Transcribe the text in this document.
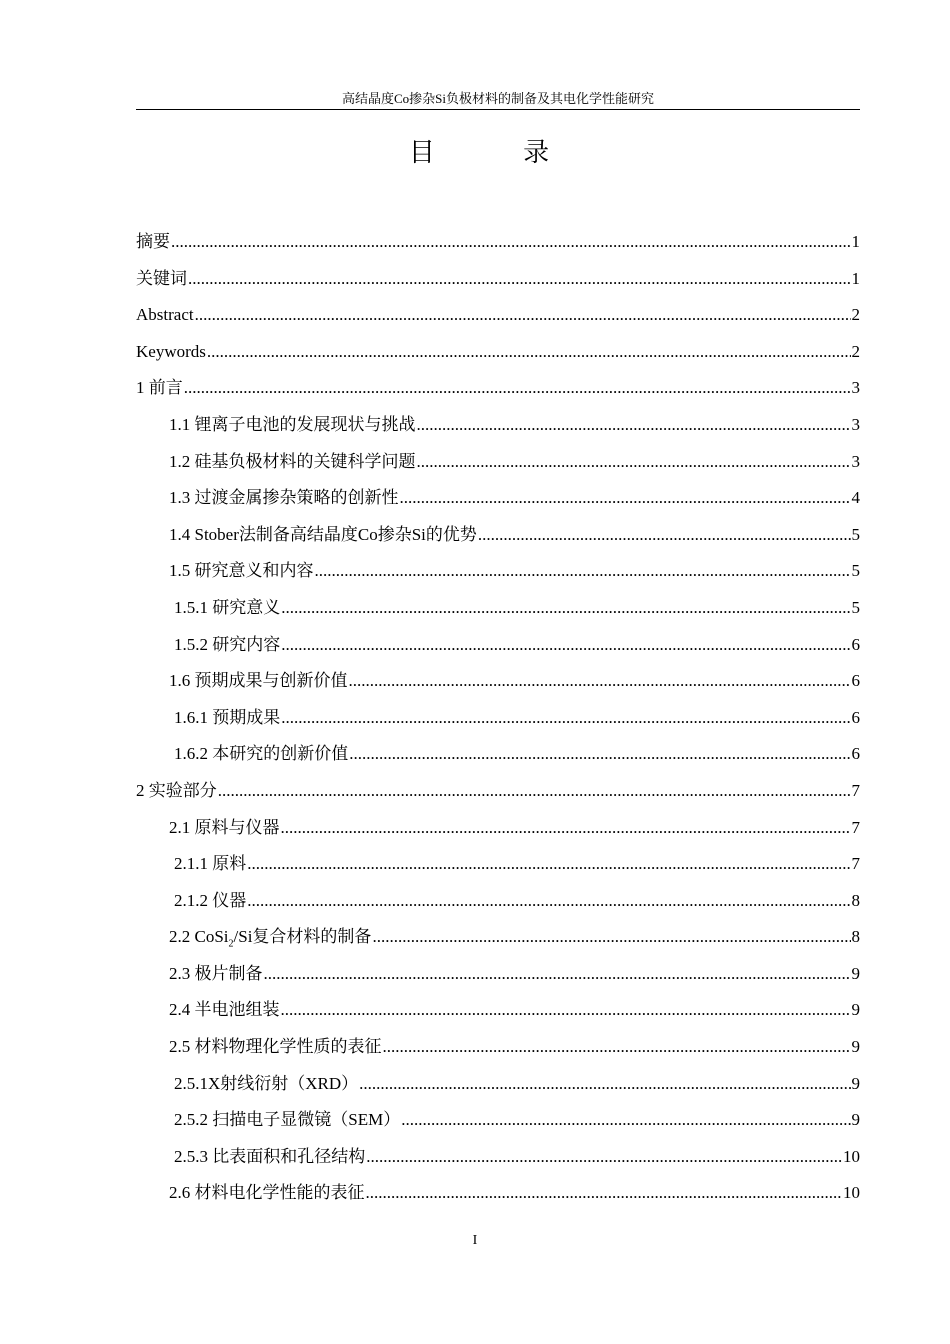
高结晶度Co掺杂Si负极材料的制备及其电化学性能研究
目 录
摘要 .....	1
关键词 .....	1
Abstract .....	2
Keywords .....	2
1 前言 .....	3
1.1 锂离子电池的发展现状与挑战 .....	3
1.2 硅基负极材料的关键科学问题 .....	3
1.3 过渡金属掺杂策略的创新性 .....	4
1.4 Stober法制备高结晶度Co掺杂Si的优势 .....	5
1.5 研究意义和内容 .....	5
1.5.1 研究意义 .....	5
1.5.2 研究内容 .....	6
1.6 预期成果与创新价值 .....	6
1.6.1 预期成果 .....	6
1.6.2 本研究的创新价值 .....	6
2 实验部分 .....	7
2.1 原料与仪器 .....	7
2.1.1 原料 .....	7
2.1.2 仪器 .....	8
2.2 CoSi$_2$/Si复合材料的制备 .....	8
2.3 极片制备 .....	9
2.4 半电池组装 .....	9
2.5 材料物理化学性质的表征 .....	9
2.5.1X射线衍射（XRD） .....	9
2.5.2 扫描电子显微镜（SEM） .....	9
2.5.3 比表面积和孔径结构 .....	10
2.6 材料电化学性能的表征 .....	10
I
